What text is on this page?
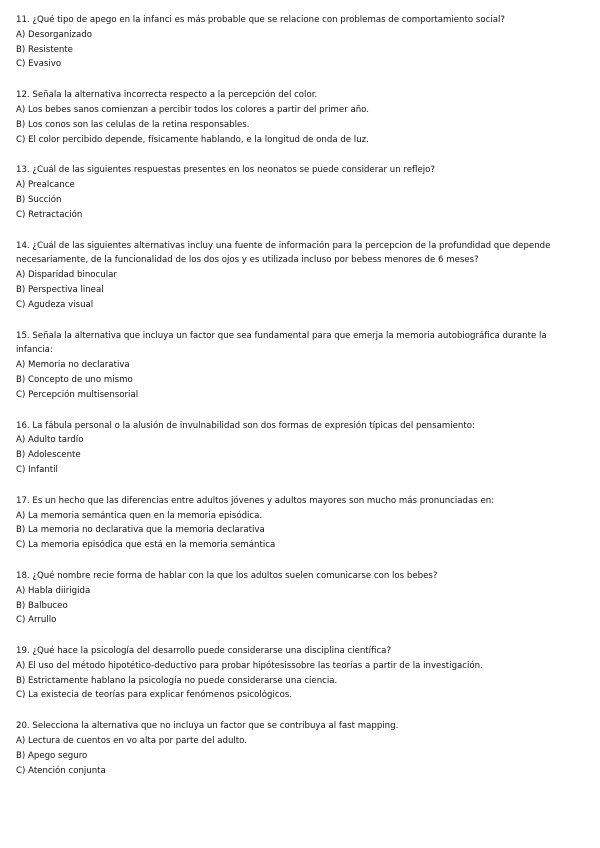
11. ¿Qué tipo de apego en la infanci es más probable que se relacione con problemas de comportamiento social?

A) Desorganizado

B) Resistente

C) Evasivo

12. Señala la alternativa incorrecta respecto a la percepción del color.

A) Los bebes sanos comienzan a percibir todos los colores a partir del primer año.

B) Los conos son las celulas de la retina responsables.

C) El color percibido depende, físicamente hablando, e la longitud de onda de luz.

13. ¿Cuál de las siguientes respuestas presentes en los neonatos se puede considerar un reflejo?

A) Prealcance

B) Succión

C) Retractación

14. ¿Cuál de las siguientes alternativas incluy una fuente de información para la percepcion de la profundidad que depende necesariamente, de la funcionalidad de los dos ojos y es utilizada incluso por bebess menores de 6 meses?

A) Disparidad binocular

B) Perspectiva lineal

C) Agudeza visual

15. Señala la alternativa que incluya un factor que sea fundamental para que emerja la memoria autobiográfica durante la infancia:

A) Memoria no declarativa

B) Concepto de uno mismo

C) Percepción multisensorial

16. La fábula personal o la alusión de invulnabilidad son dos formas de expresión típicas del pensamiento:

A) Adulto tardío

B) Adolescente

C) Infantil

17. Es un hecho que las diferencias entre adultos jóvenes y adultos mayores son mucho más pronunciadas en:

A) La memoria semántica quen en la memoria episódica.

B) La memoria no declarativa que la memoria declarativa

C) La memoria episódica que está en la memoria semántica

18. ¿Qué nombre recie forma de hablar con la que los adultos suelen comunicarse con los bebes?

A) Habla diirigida

B) Balbuceo

C) Arrullo

19. ¿Qué hace la psicología del desarrollo puede considerarse una disciplina científica?

A) El uso del método hipotético-deductivo para probar hipótesissobre las teorías a partir de la investigación.

B) Estrictamente hablano la psicología no puede considerarse una ciencia.

C) La existecia de teorías para explicar fenómenos psicológicos.

20. Selecciona la alternativa que no incluya un factor que se contribuya al fast mapping.

A) Lectura de cuentos en vo alta por parte del adulto.

B) Apego seguro

C) Atención conjunta
